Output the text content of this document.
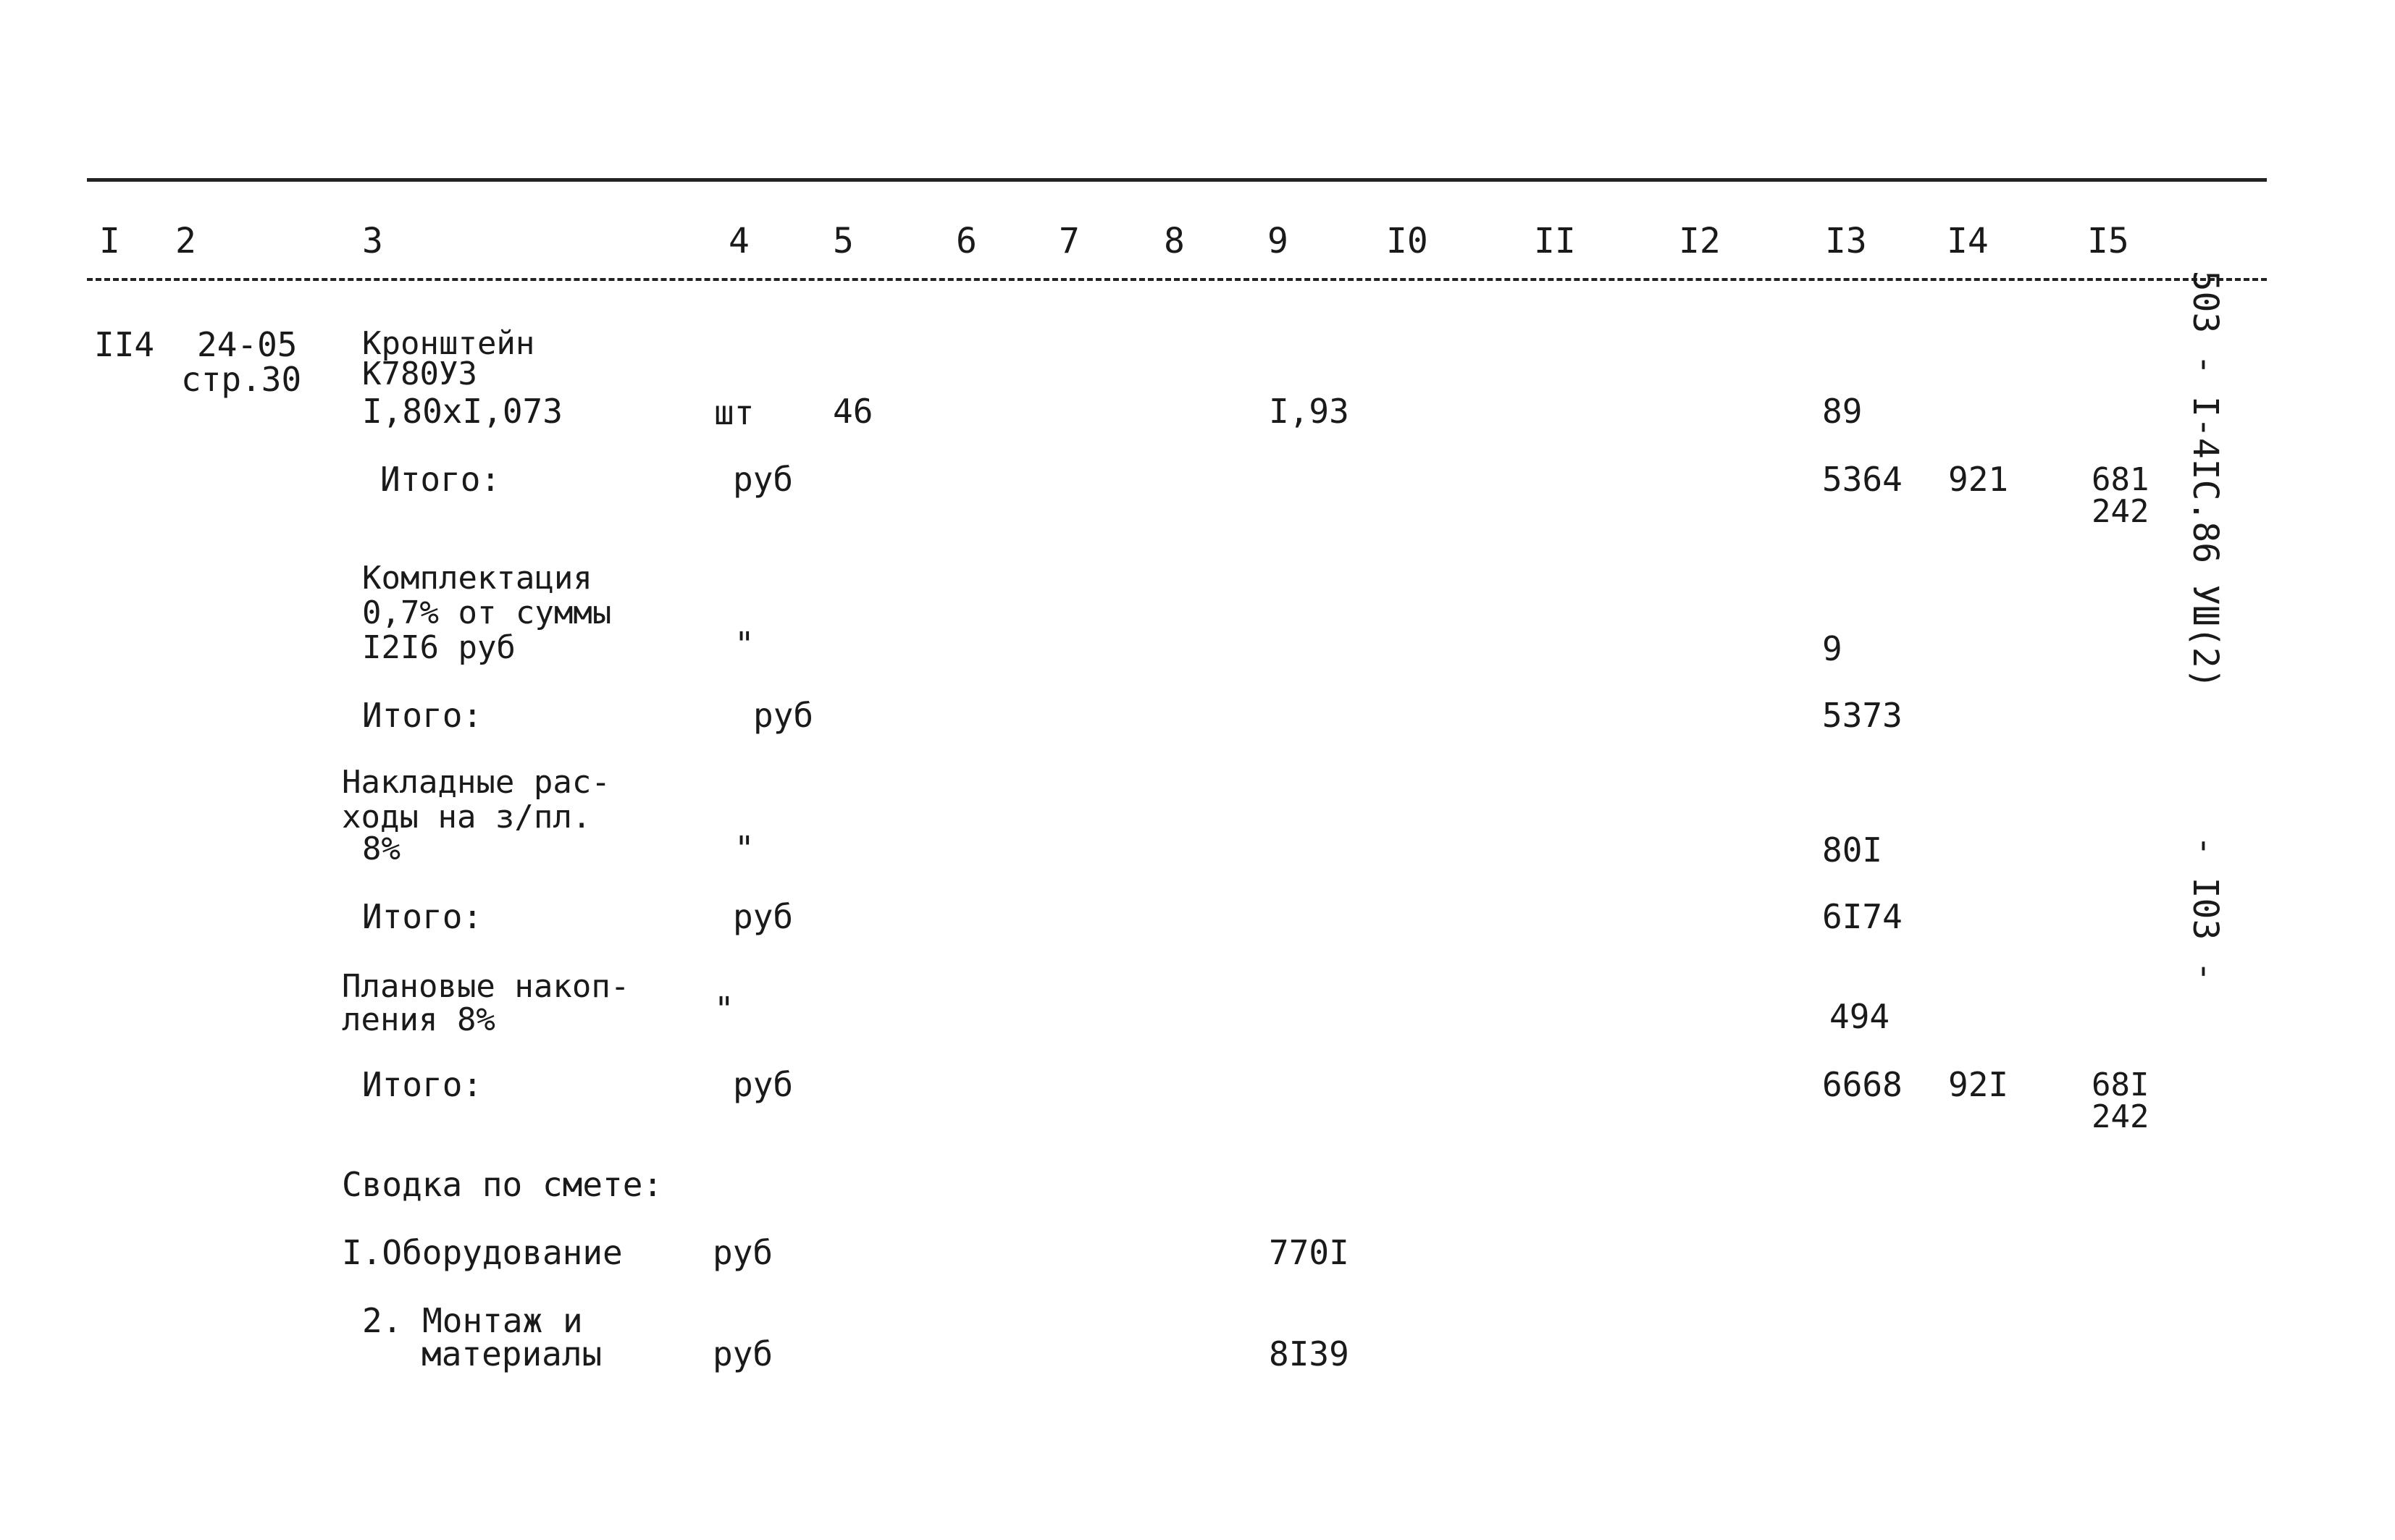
I 2	3	4 5	6 7 8 9	I0	II	I2	I3 I4	I5
II4 24-05
стр.30
Кронштейн
К780У3
I,80xI,073	шт 46	I,93	89
Итого:	руб	5364 921	681
242
Комплектация
0,7% от суммы
I2I6 руб	"	9
Итого:	руб	5373
Накладные рас-
ходы на з/пл.
8%	"	80I
Итого:	руб	6I74
Плановые накоп-
ления 8%	"	494
Итого:	руб	6668 92I	68I
242
Сводка по смете:
I.Оборудование	руб	770I
2. Монтаж и
материалы	руб	8I39

503 - I-4IC.86 УШ(2)       - I03 -
